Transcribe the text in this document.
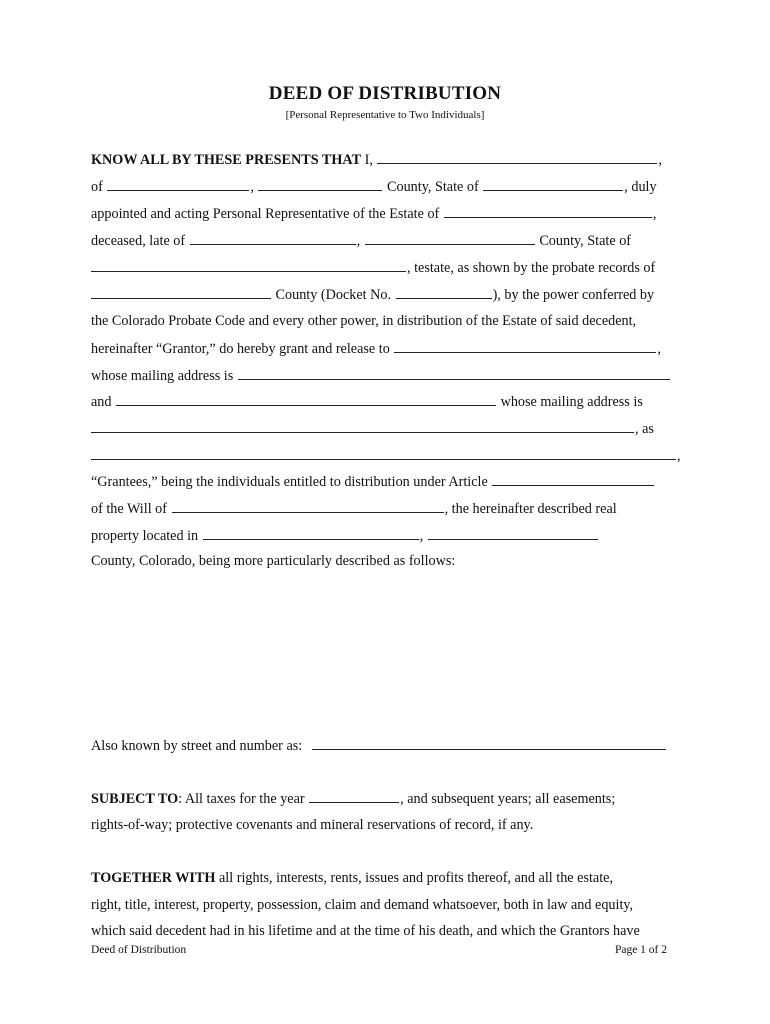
DEED OF DISTRIBUTION
[Personal Representative to Two Individuals]
KNOW ALL BY THESE PRESENTS THAT I,	,
of	,	County, State of	, duly
appointed and acting Personal Representative of the Estate of	,
deceased, late of	,	County, State of
, testate, as shown by the probate records of
County (Docket No.	), by the power conferred by
the Colorado Probate Code and every other power, in distribution of the Estate of said decedent,
hereinafter “Grantor,” do hereby grant and release to	,
whose mailing address is
and	whose mailing address is
, as
,
“Grantees,” being the individuals entitled to distribution under Article
of the Will of	, the hereinafter described real
property located in	,
County, Colorado, being more particularly described as follows:
Also known by street and number as:
SUBJECT TO: All taxes for the year	, and subsequent years; all easements;
rights-of-way; protective covenants and mineral reservations of record, if any.
TOGETHER WITH all rights, interests, rents, issues and profits thereof, and all the estate,
right, title, interest, property, possession, claim and demand whatsoever, both in law and equity,
which said decedent had in his lifetime and at the time of his death, and which the Grantors have
Deed of Distribution	Page 1 of 2
